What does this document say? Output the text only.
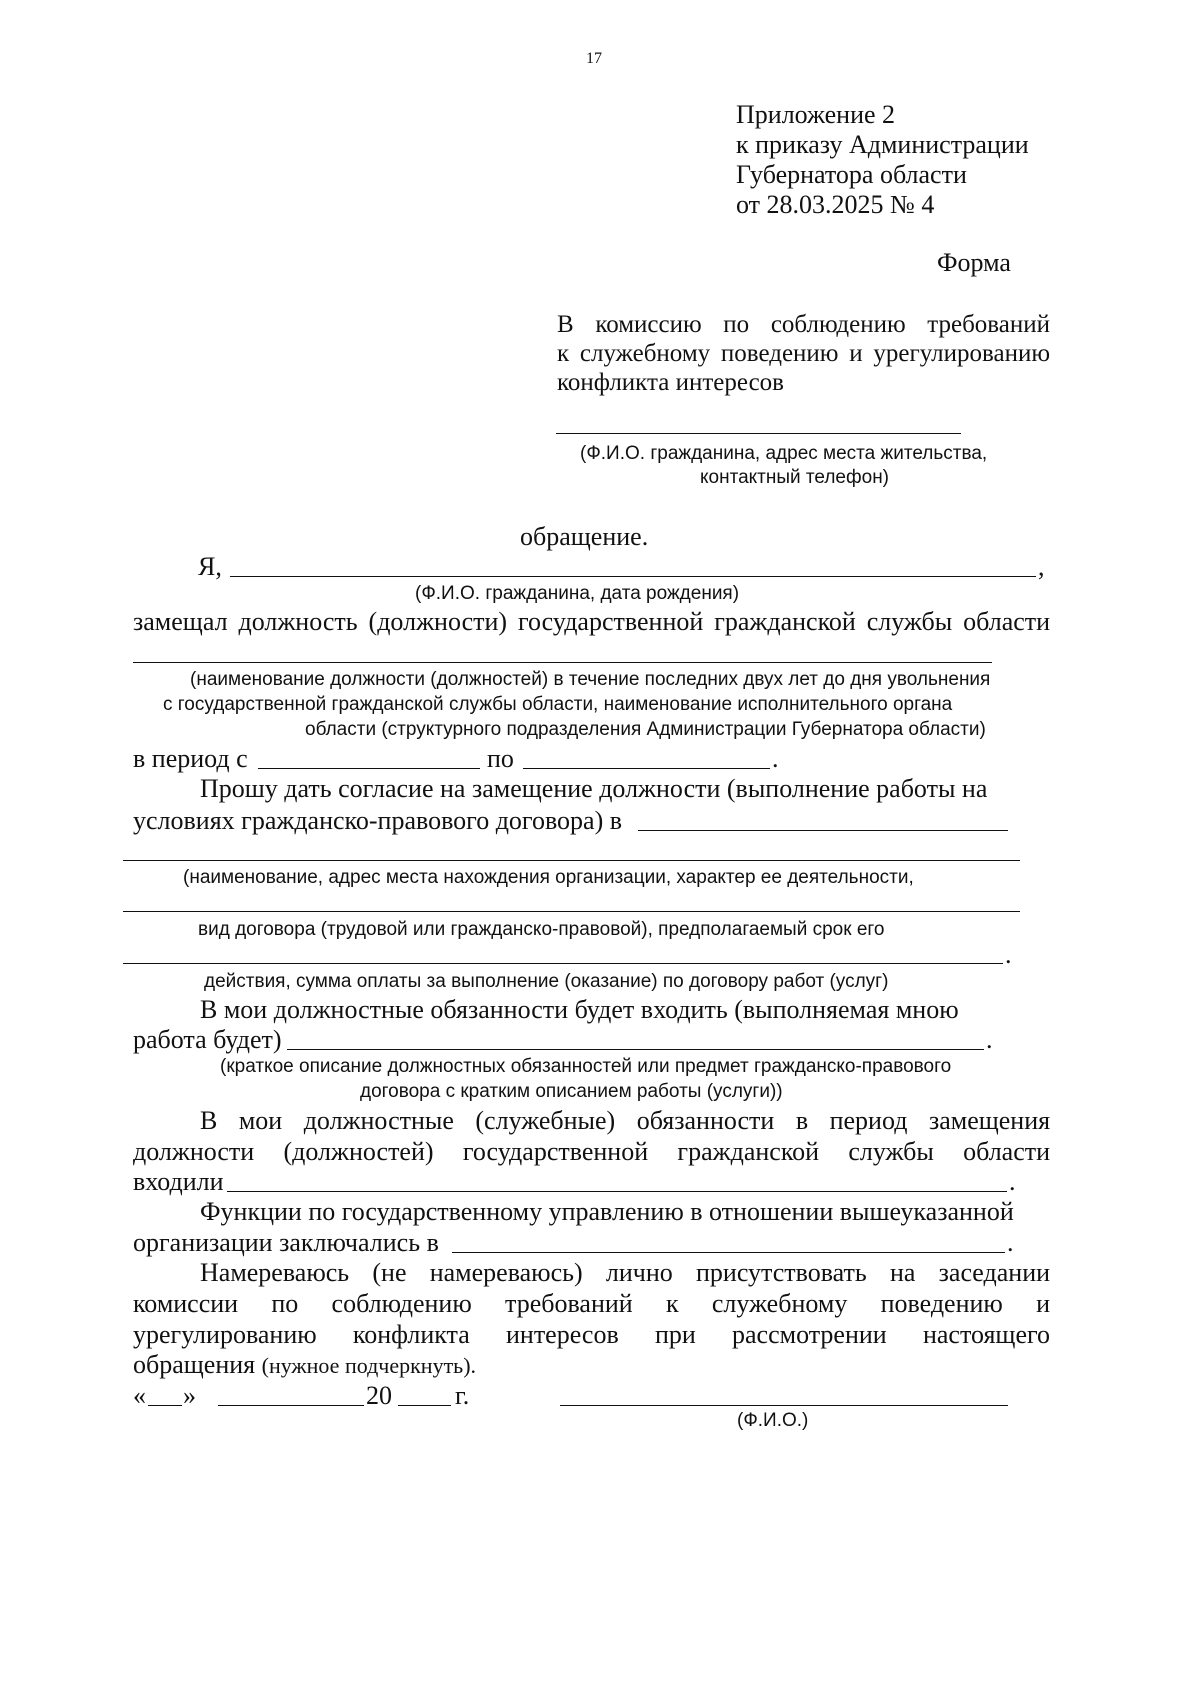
17
Приложение 2
к приказу Администрации
Губернатора области
от 28.03.2025 № 4
Форма
В комиссию по соблюдению требований
к служебному поведению и урегулированию
конфликта интересов
(Ф.И.О. гражданина, адрес места жительства,
контактный телефон)
обращение.
Я,	,
(Ф.И.О. гражданина, дата рождения)
замещал должность (должности) государственной гражданской службы области
(наименование должности (должностей) в течение последних двух лет до дня увольнения
с государственной гражданской службы области, наименование исполнительного органа
области (структурного подразделения Администрации Губернатора области)
в период с	по	.
Прошу дать согласие на замещение должности (выполнение работы на
условиях гражданско-правового договора) в
(наименование, адрес места нахождения организации, характер ее деятельности,
вид договора (трудовой или гражданско-правовой), предполагаемый срок его
.
действия, сумма оплаты за выполнение (оказание) по договору работ (услуг)
В мои должностные обязанности будет входить (выполняемая мною
работа будет)	.
(краткое описание должностных обязанностей или предмет гражданско-правового
договора с кратким описанием работы (услуги))
В мои должностные (служебные) обязанности в период замещения
должности (должностей) государственной гражданской службы области
входили	.
Функции по государственному управлению в отношении вышеуказанной
организации заключались в	.
Намереваюсь (не намереваюсь) лично присутствовать на заседании
комиссии по соблюдению требований к служебному поведению и
урегулированию конфликта интересов при рассмотрении настоящего
обращения (нужное подчеркнуть).
« »	20 г.
(Ф.И.О.)
